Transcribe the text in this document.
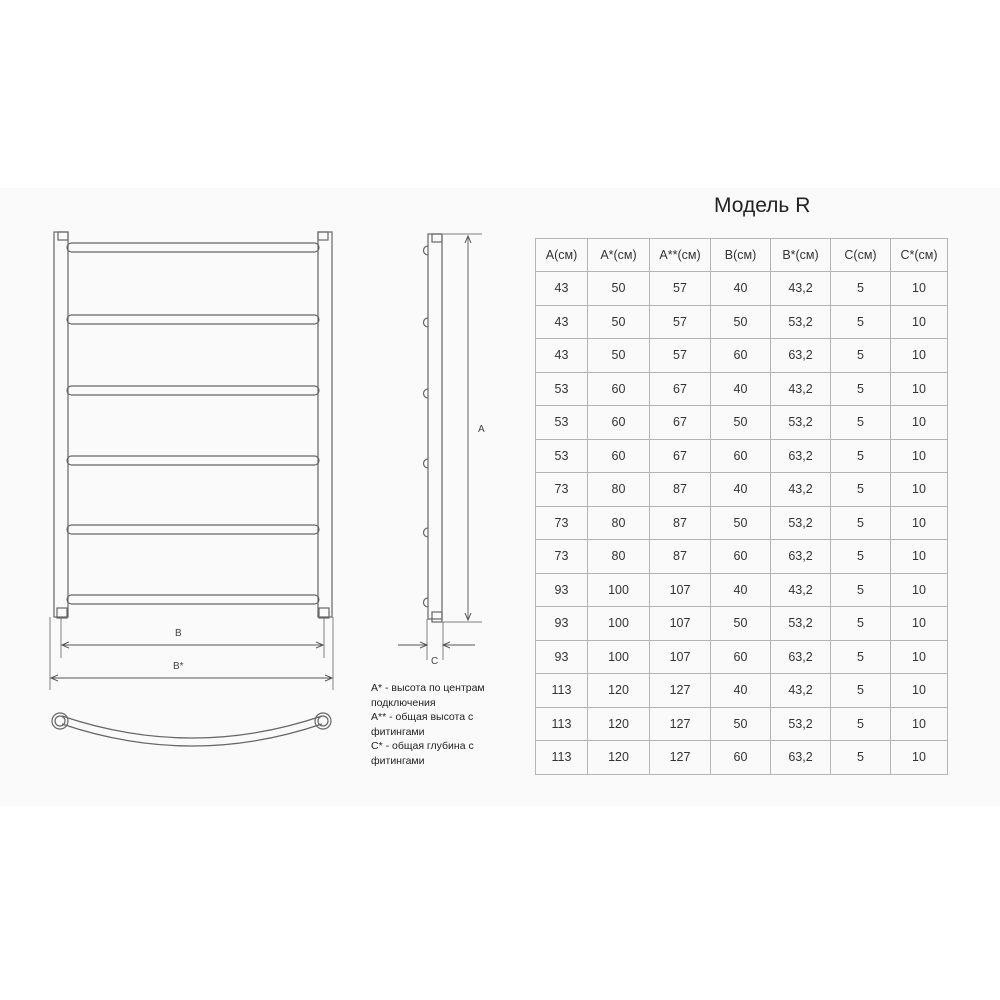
B
B*
A
C
Модель R

A* - высота по центрам подключения

A** - общая высота с фитингами

C* - общая глубина с фитингами

A(см)	A*(см)	A**(см)	B(см)	B*(см)	C(см)	C*(см)
43	50	57	40	43,2	5	10
43	50	57	50	53,2	5	10
43	50	57	60	63,2	5	10
53	60	67	40	43,2	5	10
53	60	67	50	53,2	5	10
53	60	67	60	63,2	5	10
73	80	87	40	43,2	5	10
73	80	87	50	53,2	5	10
73	80	87	60	63,2	5	10
93	100	107	40	43,2	5	10
93	100	107	50	53,2	5	10
93	100	107	60	63,2	5	10
113	120	127	40	43,2	5	10
113	120	127	50	53,2	5	10
113	120	127	60	63,2	5	10
